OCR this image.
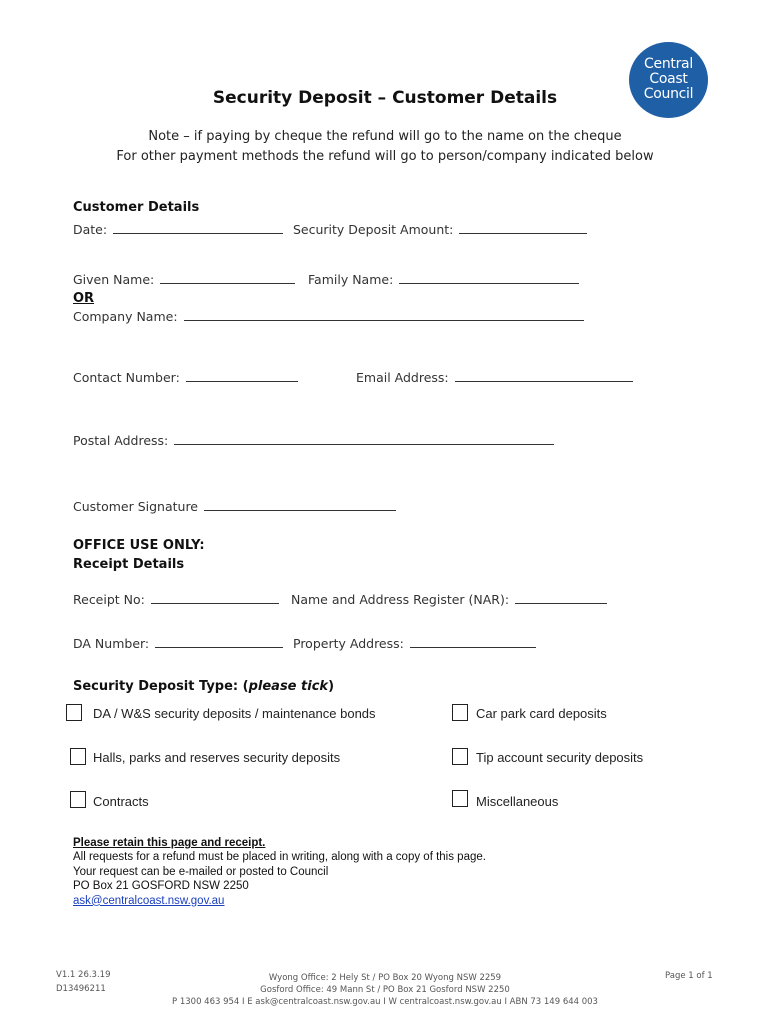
Central
Coast
Council
Security Deposit – Customer Details
Note – if paying by cheque the refund will go to the name on the cheque
For other payment methods the refund will go to person/company indicated below
Customer Details
Date:	Security Deposit Amount:
Given Name:	Family Name:
OR
Company Name:
Contact Number:	Email Address:
Postal Address:
Customer Signature
OFFICE USE ONLY:
Receipt Details
Receipt No:	Name and Address Register (NAR):
DA Number:	Property Address:
Security Deposit Type: (please tick)
DA / W&S security deposits / maintenance bonds	Car park card deposits
Halls, parks and reserves security deposits	Tip account security deposits
Contracts	Miscellaneous
Please retain this page and receipt.
All requests for a refund must be placed in writing, along with a copy of this page.
Your request can be e-mailed or posted to Council
PO Box 21 GOSFORD NSW 2250
ask@centralcoast.nsw.gov.au
V1.1 26.3.19
D13496211
Page 1 of 1
Wyong Office: 2 Hely St / PO Box 20 Wyong NSW 2259
Gosford Office: 49 Mann St / PO Box 21 Gosford NSW 2250
P 1300 463 954 I E ask@centralcoast.nsw.gov.au I W centralcoast.nsw.gov.au I ABN 73 149 644 003
